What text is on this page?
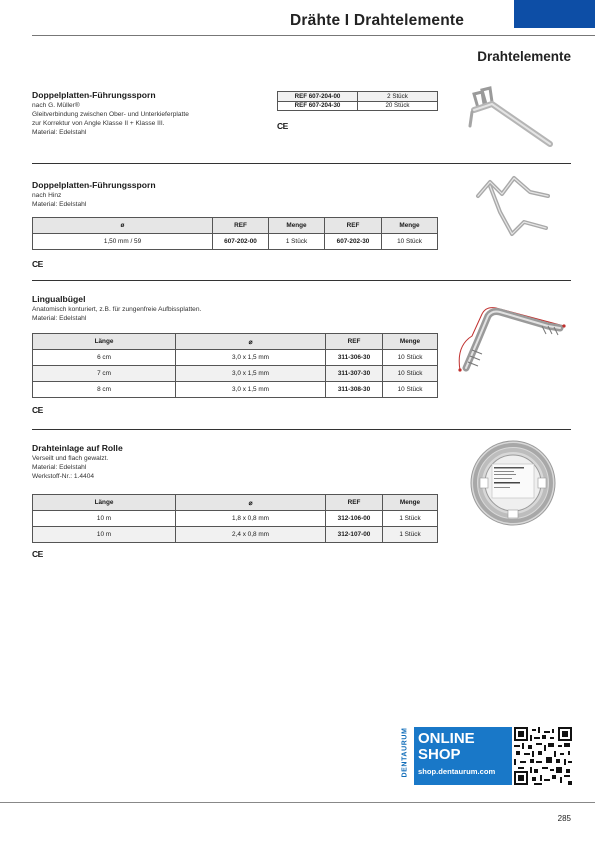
Drähte I Drahtelemente
Drahtelemente
Doppelplatten-Führungssporn
nach G. Müller®
Gleitverbindung zwischen Ober- und Unterkieferplatte
zur Korrektur von Angle Klasse II + Klasse III.
Material: Edelstahl
REF 607-204-00	2 Stück
REF 607-204-30	20 Stück
CE
Doppelplatten-Führungssporn
nach Hinz
Material: Edelstahl
ø	REF	Menge	REF	Menge
1,50 mm / 59	607-202-00	1 Stück	607-202-30	10 Stück
CE
Lingualbügel
Anatomisch konturiert, z.B. für zungenfreie Aufbissplatten.
Material: Edelstahl
Länge	⌀	REF	Menge
6 cm	3,0 x 1,5 mm	311-306-30	10 Stück
7 cm	3,0 x 1,5 mm	311-307-30	10 Stück
8 cm	3,0 x 1,5 mm	311-308-30	10 Stück
CE
Drahteinlage auf Rolle
Verseilt und flach gewalzt.
Material: Edelstahl
Werkstoff-Nr.: 1.4404
Länge	⌀	REF	Menge
10 m	1,8 x 0,8 mm	312-106-00	1 Stück
10 m	2,4 x 0,8 mm	312-107-00	1 Stück
CE
DENTAURUM ONLINE
SHOP
shop.dentaurum.com
285
